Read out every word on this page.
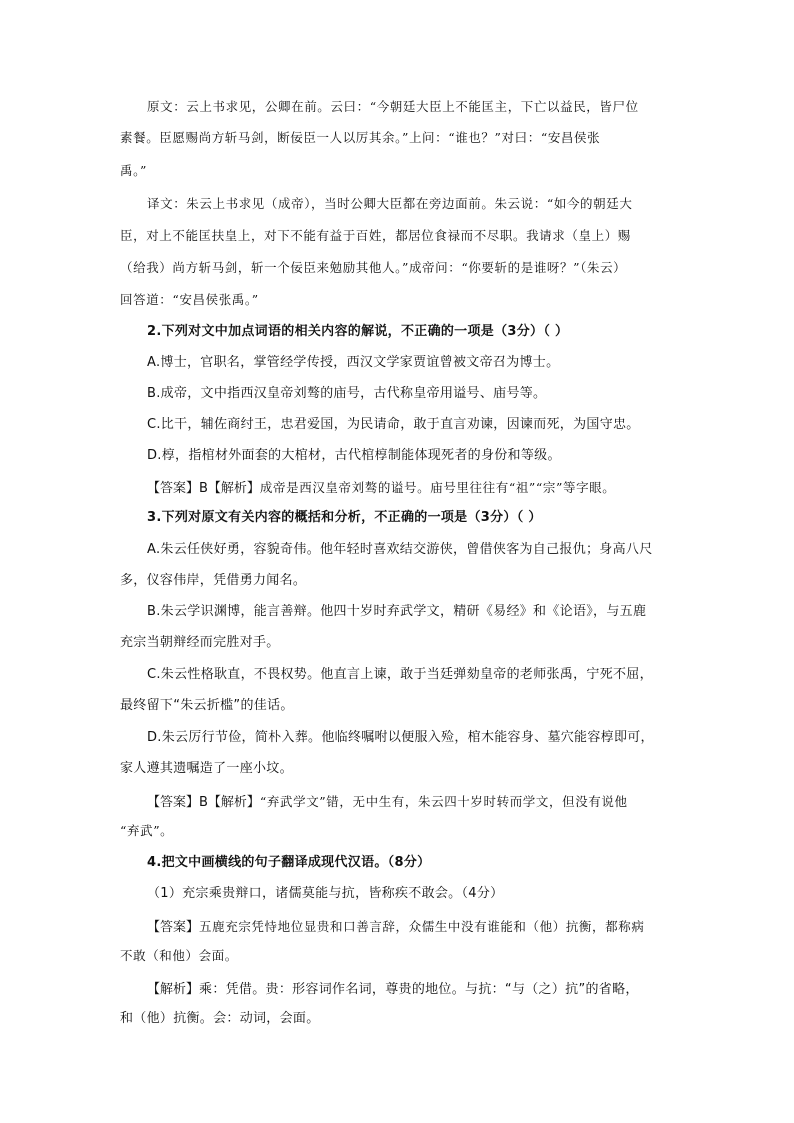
原文：云上书求见，公卿在前。云曰：“今朝廷大臣上不能匡主，下亡以益民，皆尸位
素餐。臣愿赐尚方斩马剑，断佞臣一人以厉其余。”上问：“谁也？”对曰：“安昌侯张
禹。”
译文：朱云上书求见（成帝），当时公卿大臣都在旁边面前。朱云说：“如今的朝廷大
臣，对上不能匡扶皇上，对下不能有益于百姓，都居位食禄而不尽职。我请求（皇上）赐
（给我）尚方斩马剑，斩一个佞臣来勉励其他人。”成帝问：“你要斩的是谁呀？”（朱云）
回答道：“安昌侯张禹。”
2.下列对文中加点词语的相关内容的解说，不正确的一项是（3分）（ ）
A.博士，官职名，掌管经学传授，西汉文学家贾谊曾被文帝召为博士。
B.成帝，文中指西汉皇帝刘骜的庙号，古代称皇帝用谥号、庙号等。
C.比干，辅佐商纣王，忠君爱国，为民请命，敢于直言劝谏，因谏而死，为国守忠。
D.椁，指棺材外面套的大棺材，古代棺椁制能体现死者的身份和等级。
【答案】B【解析】成帝是西汉皇帝刘骜的谥号。庙号里往往有“祖”“宗”等字眼。
3.下列对原文有关内容的概括和分析，不正确的一项是（3分）（ ）
A.朱云任侠好勇，容貌奇伟。他年轻时喜欢结交游侠，曾借侠客为自己报仇；身高八尺
多，仪容伟岸，凭借勇力闻名。
B.朱云学识渊博，能言善辩。他四十岁时弃武学文，精研《易经》和《论语》，与五鹿
充宗当朝辩经而完胜对手。
C.朱云性格耿直，不畏权势。他直言上谏，敢于当廷弹劾皇帝的老师张禹，宁死不屈，
最终留下“朱云折槛”的佳话。
D.朱云厉行节俭，简朴入葬。他临终嘱咐以便服入殓，棺木能容身、墓穴能容椁即可，
家人遵其遗嘱造了一座小坟。
【答案】B【解析】“弃武学文”错，无中生有，朱云四十岁时转而学文，但没有说他
“弃武”。
4.把文中画横线的句子翻译成现代汉语。（8分）
（1）充宗乘贵辩口，诸儒莫能与抗，皆称疾不敢会。（4分）
【答案】五鹿充宗凭恃地位显贵和口善言辞，众儒生中没有谁能和（他）抗衡，都称病
不敢（和他）会面。
【解析】乘：凭借。贵：形容词作名词，尊贵的地位。与抗：“与（之）抗”的省略，
和（他）抗衡。会：动词，会面。
